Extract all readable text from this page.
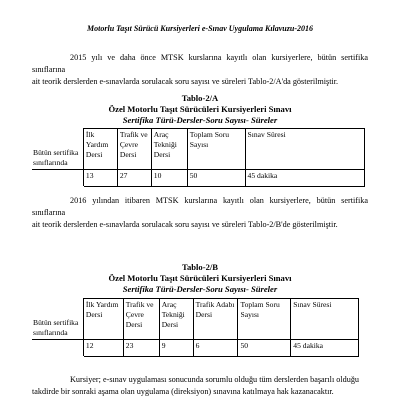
Motorlu Taşıt Sürücü Kursiyerleri e-Sınav Uygulama Kılavuzu-2016
2015 yılı ve daha önce MTSK kurslarına kayıtlı olan kursiyerlere, bütün sertifika sınıflarına
ait teorik derslerden e-sınavlarda sorulacak soru sayısı ve süreleri Tablo-2/A'da gösterilmiştir.
Tablo-2/A
Özel Motorlu Taşıt Sürücüleri Kursiyerleri Sınavı
Sertifika Türü-Dersler-Soru Sayısı- Süreler
Bütün sertifika sınıflarında	İlk Yardım Dersi	Trafik ve Çevre Dersi	Araç Tekniği Dersi	Toplam Soru Sayısı	Sınav Süresi
	13	27	10	50	45 dakika
2016 yılından itibaren MTSK kurslarına kayıtlı olan kursiyerlere, bütün sertifika sınıflarına
ait teorik derslerden e-sınavlarda sorulacak soru sayısı ve süreleri Tablo-2/B'de gösterilmiştir.
Tablo-2/B
Özel Motorlu Taşıt Sürücüleri Kursiyerleri Sınavı
Sertifika Türü-Dersler-Soru Sayısı- Süreler
Bütün sertifika sınıflarında	İlk Yardım Dersi	Trafik ve Çevre Dersi	Araç Tekniği Dersi	Trafik Adabı Dersi	Toplam Soru Sayısı	Sınav Süresi
	12	23	9	6	50	45 dakika
Kursiyer; e-sınav uygulaması sonucunda sorumlu olduğu tüm derslerden başarılı olduğu
takdirde bir sonraki aşama olan uygulama (direksiyon) sınavına katılmaya hak kazanacaktır.
